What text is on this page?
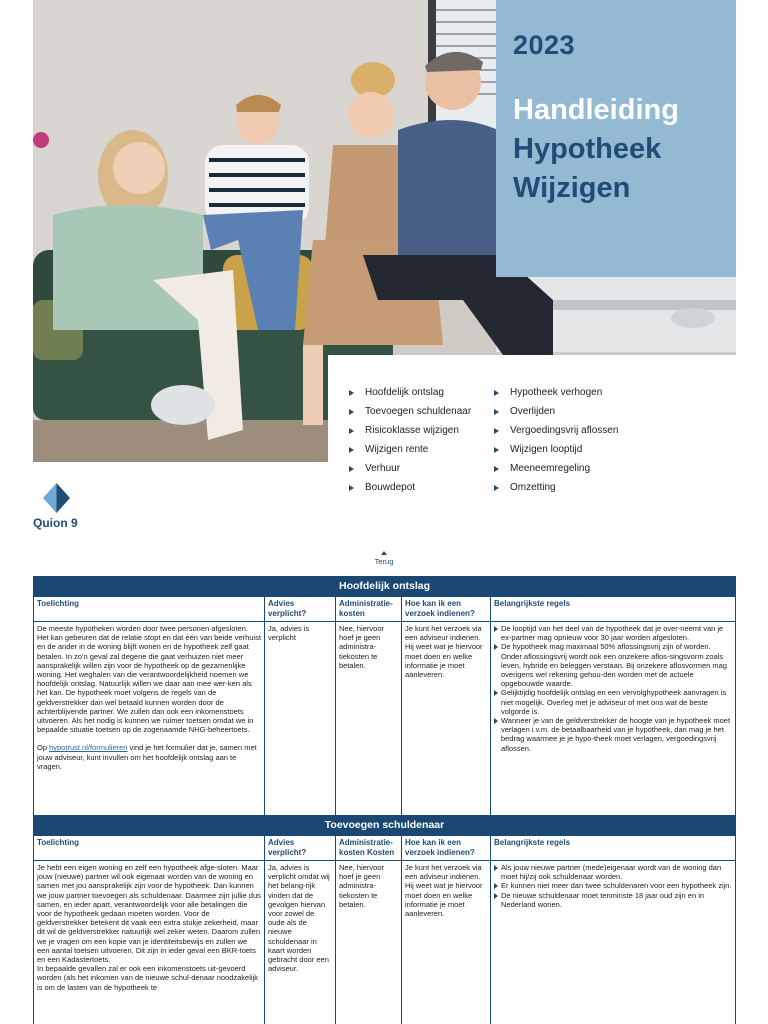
2023
Handleiding
Hypotheek
Wijzigen
Hoofdelijk ontslag
Toevoegen schuldenaar
Risicoklasse wijzigen
Wijzigen rente
Verhuur
Bouwdepot
Hypotheek verhogen
Overlijden
Vergoedingsvrij aflossen
Wijzigen looptijd
Meeneemregeling
Omzetting
Quion 9
Terug
Hoofdelijk ontslag
Toelichting	Advies verplicht?
Administratie- kosten
Hoe kan ik een verzoek indienen?
Belangrijkste regels
De meeste hypotheken worden door twee personen afgesloten. Het kan gebeuren dat de relatie stopt en dat één van beide verhuist en de ander in de woning blijft wonen en de hypotheek zelf gaat betalen. In zo'n geval zal degene die gaat verhuizen niet meer aansprakelijk willen zijn voor de hypotheek op de gezamenlijke woning. Het weghalen van die verantwoordelijkheid noemen we hoofdelijk ontslag. Natuurlijk willen we daar aan mee wer-ken als het kan. De hypotheek moet volgens de regels van de geldverstrekker dan wel betaald kunnen worden door de achterblijvende partner. We zullen dan ook een inkomenstoets uitvoeren. Als het nodig is kunnen we ruimer toetsen omdat we in bepaalde situatie toetsen op de zogenaamde NHG-beheertoets.
Op hypotrust.nl/formulieren vind je het formulier dat je, samen met jouw adviseur, kunt invullen om het hoofdelijk ontslag aan te vragen.
Ja, advies is verplicht
Nee, hiervoor hoef je geen administra-tiekosten te betalen.
Je kunt het verzoek via een adviseur indienen. Hij weet wat je hiervoor moet doen en welke informatie je moet aanleveren.
De looptijd van het deel van de hypotheek dat je over-neemt van je ex-partner mag opnieuw voor 30 jaar worden afgesloten.
De hypotheek mag maximaal 50% aflossingsvrij zijn of worden. Onder aflossingsvrij wordt ook een onzekere aflos-singsvorm zoals leven, hybride en beleggen verstaan. Bij onzekere aflosvormen mag overigens wel rekening gehou-den worden met de actuele opgebouwde waarde.
Gelijktijdig hoofdelijk ontslag en een vervolghypotheek aanvragen is niet mogelijk. Overleg met je adviseur of met ons wat de beste volgorde is.
Wanneer je van de geldverstrekker de hoogte van je hypotheek moet verlagen i.v.m. de betaalbaarheid van je hypotheek, dan mag je het bedrag waarmee je je hypo-theek moet verlagen, vergoedingsvrij aflossen.
Toevoegen schuldenaar
Toelichting	Advies verplicht?
Administratie- kosten Kosten
Hoe kan ik een verzoek indienen?
Belangrijkste regels
Je hebt een eigen woning en zelf een hypotheek afge-sloten. Maar jouw (nieuwe) partner wil ook eigenaar worden van de woning en samen met jou aansprakelijk zijn voor de hypotheek. Dan kunnen we jouw partner toevoegen als schuldenaar. Daarmee zijn jullie dus samen, en ieder apart, verantwoordelijk voor alle betalingen die voor de hypotheek gedaan moeten worden. Voor de geldverstrekker betekent dit vaak een extra stukje zekerheid, maar dit wil de geldverstrekker natuurlijk wel zeker weten. Daarom zullen we je vragen om een kopie van je identiteitsbewijs en zullen we een aantal toetsen uitvoeren. Dit zijn in ieder geval een BKR-toets en een Kadastertoets.
In bepaalde gevallen zal er ook een inkomenstoets uit-gevoerd worden (als het inkomen van de nieuwe schul-denaar noodzakelijk is om de lasten van de hypotheek te
Ja, advies is verplicht omdat wij het belang-rijk vinden dat de gevolgen hiervan voor zowel de oude als de nieuwe schuldenaar in kaart worden gebracht door een adviseur.
Nee, hiervoor hoef je geen administra-tiekosten te betalen.
Je kunt het verzoek via een adviseur indienen. Hij weet wat je hiervoor moet doen en welke informatie je moet aanleveren.
Als jouw nieuwe partner (mede)eigenaar wordt van de woning dan moet hij/zij ook schuldenaar worden.
Er kunnen niet meer dan twee schuldenaren voor een hypotheek zijn.
De nieuwe schuldenaar moet tenminste 18 jaar oud zijn en in Nederland wonen.
